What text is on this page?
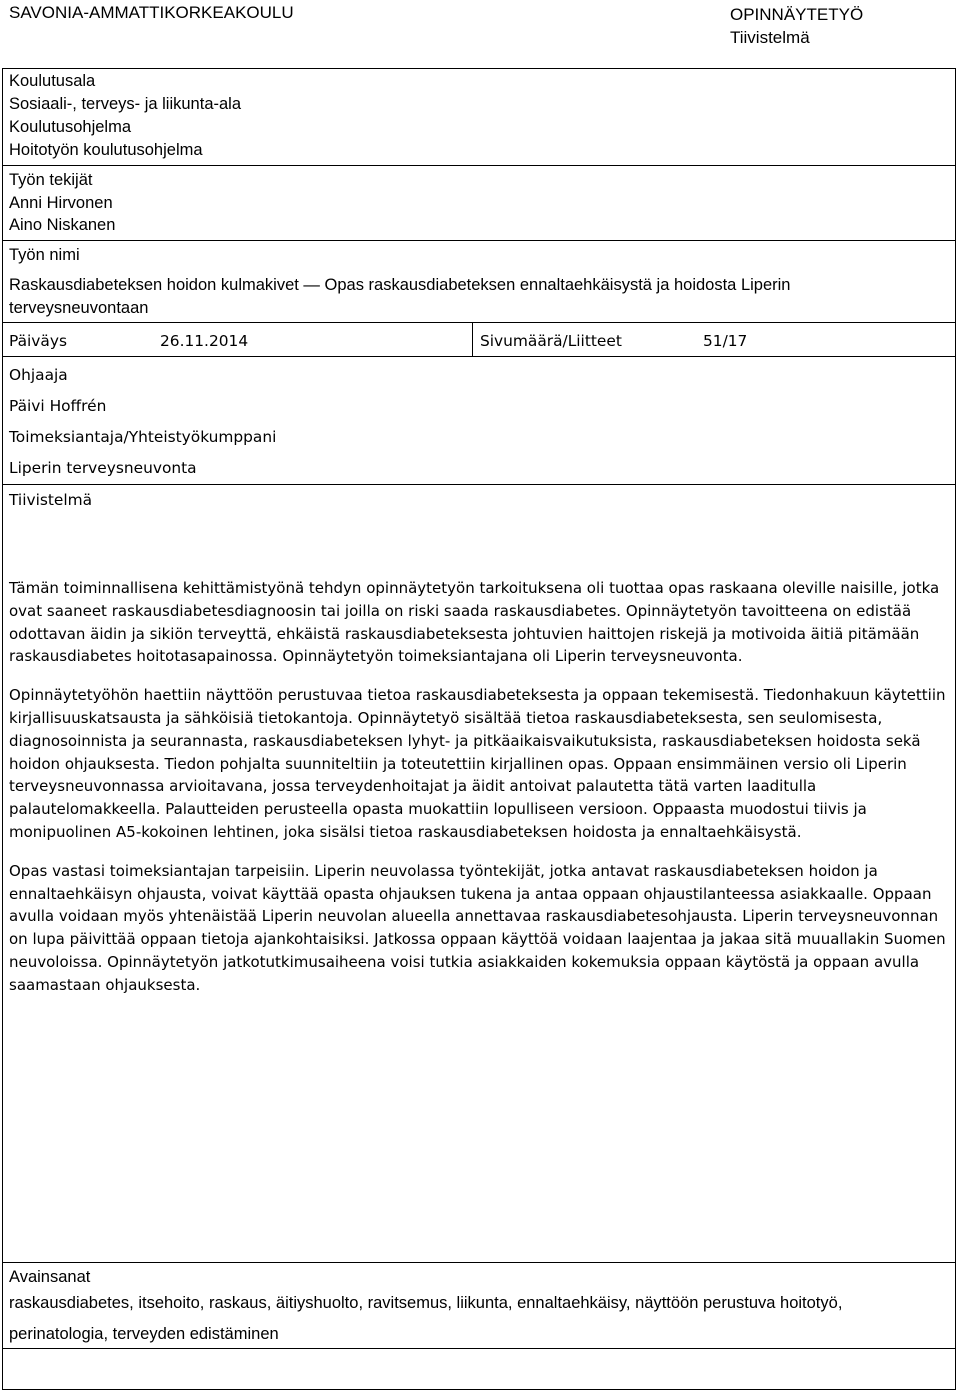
SAVONIA-AMMATTIKORKEAKOULU	OPINNÄYTETYÖ
Tiivistelmä
Koulutusala
Sosiaali-, terveys- ja liikunta-ala
Koulutusohjelma
Hoitotyön koulutusohjelma
Työn tekijät
Anni Hirvonen
Aino Niskanen
Työn nimi
Raskausdiabeteksen hoidon kulmakivet — Opas raskausdiabeteksen ennaltaehkäisystä ja hoidosta Liperin
terveysneuvontaan
Päiväys	26.11.2014	Sivumäärä/Liitteet	51/17
Ohjaaja
Päivi Hoffrén
Toimeksiantaja/Yhteistyökumppani
Liperin terveysneuvonta
Tiivistelmä

Tämän toiminnallisena kehittämistyönä tehdyn opinnäytetyön tarkoituksena oli tuottaa opas raskaana oleville naisille, jotka ovat saaneet raskausdiabetesdiagnoosin tai joilla on riski saada raskausdiabetes. Opinnäytetyön tavoitteena on edistää odottavan äidin ja sikiön terveyttä, ehkäistä raskausdiabeteksesta johtuvien haittojen riskejä ja motivoida äitiä pitämään raskausdiabetes hoitotasapainossa. Opinnäytetyön toimeksiantajana oli Liperin terveysneuvonta.

Opinnäytetyöhön haettiin näyttöön perustuvaa tietoa raskausdiabeteksesta ja oppaan tekemisestä. Tiedonhakuun käytettiin kirjallisuuskatsausta ja sähköisiä tietokantoja. Opinnäytetyö sisältää tietoa raskausdiabeteksesta, sen seulomisesta, diagnosoinnista ja seurannasta, raskausdiabeteksen lyhyt- ja pitkäaikaisvaikutuksista, raskausdiabeteksen hoidosta sekä hoidon ohjauksesta. Tiedon pohjalta suunniteltiin ja toteutettiin kirjallinen opas. Oppaan ensimmäinen versio oli Liperin terveysneuvonnassa arvioitavana, jossa terveydenhoitajat ja äidit antoivat palautetta tätä varten laaditulla palautelomakkeella. Palautteiden perusteella opasta muokattiin lopulliseen versioon. Oppaasta muodostui tiivis ja monipuolinen A5-kokoinen lehtinen, joka sisälsi tietoa raskausdiabeteksen hoidosta ja ennaltaehkäisystä.

Opas vastasi toimeksiantajan tarpeisiin. Liperin neuvolassa työntekijät, jotka antavat raskausdiabeteksen hoidon ja ennaltaehkäisyn ohjausta, voivat käyttää opasta ohjauksen tukena ja antaa oppaan ohjaustilanteessa asiakkaalle. Oppaan avulla voidaan myös yhtenäistää Liperin neuvolan alueella annettavaa raskausdiabetesohjausta. Liperin terveysneuvonnan on lupa päivittää oppaan tietoja ajankohtaisiksi. Jatkossa oppaan käyttöä voidaan laajentaa ja jakaa sitä muuallakin Suomen neuvoloissa. Opinnäytetyön jatkotutkimusaiheena voisi tutkia asiakkaiden kokemuksia oppaan käytöstä ja oppaan avulla saamastaan ohjauksesta.

Avainsanat
raskausdiabetes, itsehoito, raskaus, äitiyshuolto, ravitsemus, liikunta, ennaltaehkäisy, näyttöön perustuva hoitotyö,
perinatologia, terveyden edistäminen
